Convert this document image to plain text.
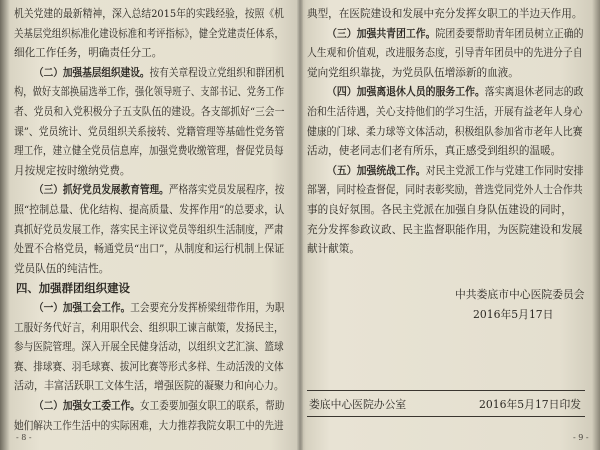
机关党建的最新精神，深入总结2015年的实践经验，按照《机
关基层党组织标准化建设标准和考评指标》，健全党建责任体系，
细化工作任务，明确责任分工。
（二）加强基层组织建设。按有关章程设立党组织和群团机
构，做好支部换届选举工作，强化领导班子、支部书记、党务工作
者、党员和入党积极分子五支队伍的建设。各支部抓好“三会一
课”、党员统计、党员组织关系接转、党籍管理等基础性党务管
理工作，建立健全党员信息库，加强党费收缴管理，督促党员每
月按规定按时缴纳党费。
（三）抓好党员发展教育管理。严格落实党员发展程序，按
照“控制总量、优化结构、提高质量、发挥作用”的总要求，认
真抓好党员发展工作，落实民主评议党员等组织生活制度，严肃
处置不合格党员，畅通党员“出口”，从制度和运行机制上保证
党员队伍的纯洁性。
四、加强群团组织建设
（一）加强工会工作。工会要充分发挥桥梁纽带作用，为职
工服好务代好言，利用职代会、组织职工谏言献策，发扬民主，
参与医院管理。深入开展全民健身活动，以组织文艺汇演、篮球
赛、排球赛、羽毛球赛、拔河比赛等形式多样、生动活泼的文体
活动，丰富活跃职工文体生活，增强医院的凝聚力和向心力。
（二）加强女工委工作。女工委要加强女职工的联系，帮助
她们解决工作生活中的实际困难，大力推荐我院女职工中的先进
中共娄底市中心医院委员会
2016年5月17日
娄底中心医院办公室	2016年5月17日印发
- 9 -
典型，在医院建设和发展中充分发挥女职工的半边天作用。
（三）加强共青团工作。院团委要帮助青年团员树立正确的
人生观和价值观，改进服务态度，引导青年团员中的先进分子自
觉向党组织靠拢，为党员队伍增添新的血液。
（四）加强离退休人员的服务工作。落实离退休老同志的政
治和生活待遇，关心支持他们的学习生活，开展有益老年人身心
健康的门球、柔力球等文体活动，积极组队参加省市老年人比赛
活动，使老同志们老有所乐，真正感受到组织的温暖。
（五）加强统战工作。对民主党派工作与党建工作同时安排
部署，同时检查督促，同时表彰奖励，普选党同党外人士合作共
事的良好氛围。各民主党派在加强自身队伍建设的同时，
充分发挥参政议政、民主监督职能作用，为医院建设和发展
献计献策。
- 8 -
